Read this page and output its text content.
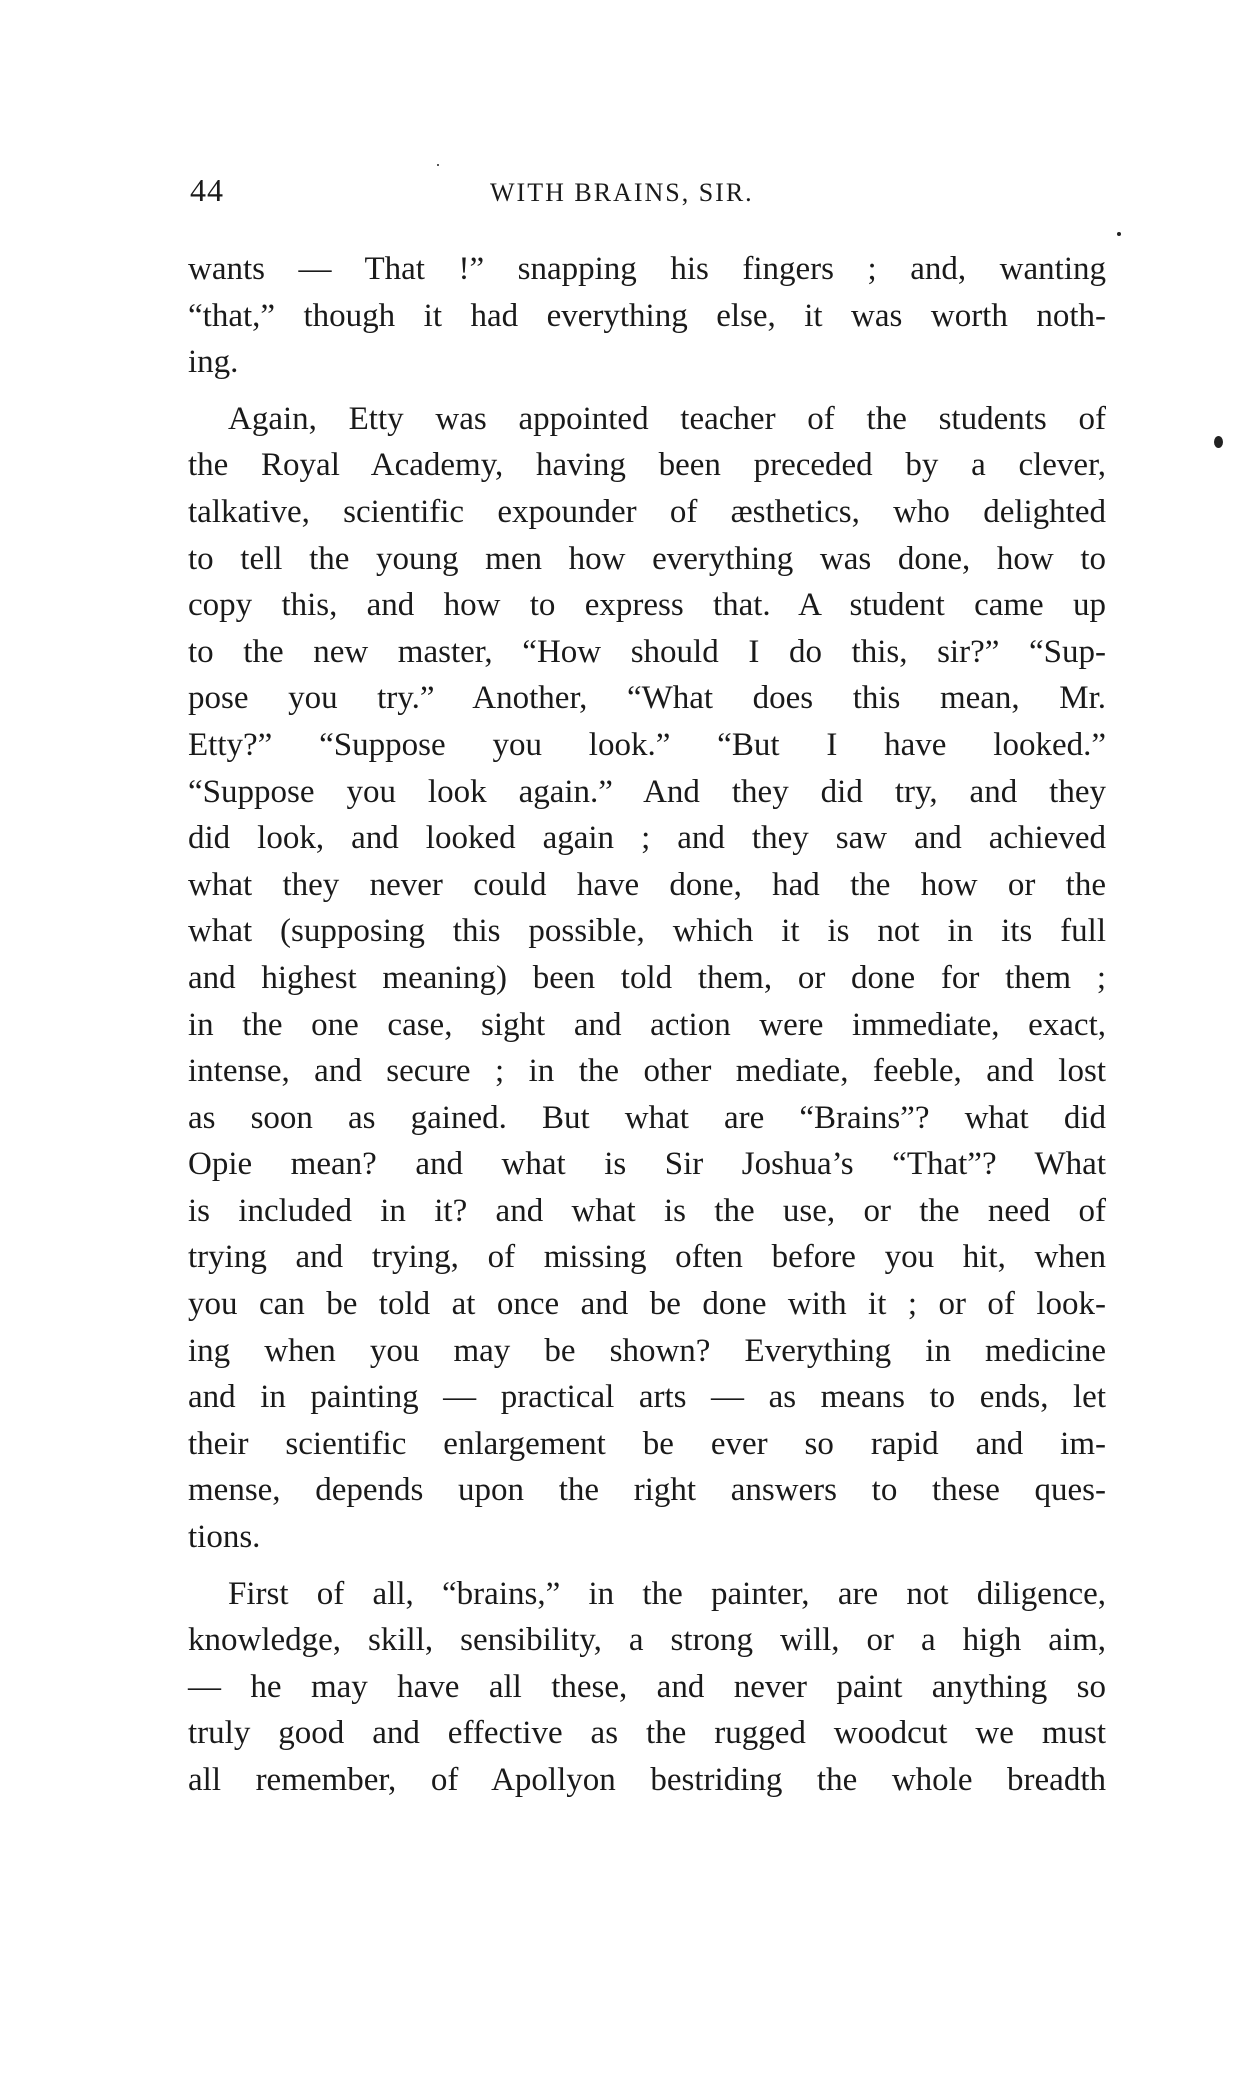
44	WITH BRAINS, SIR.
wants — That !” snapping his fingers ; and, wanting
“that,” though it had everything else, it was worth noth-
ing.
Again, Etty was appointed teacher of the students of
the Royal Academy, having been preceded by a clever,
talkative, scientific expounder of æsthetics, who delighted
to tell the young men how everything was done, how to
copy this, and how to express that. A student came up
to the new master, “How should I do this, sir?” “Sup-
pose you try.” Another, “What does this mean, Mr.
Etty?” “Suppose you look.” “But I have looked.”
“Suppose you look again.” And they did try, and they
did look, and looked again ; and they saw and achieved
what they never could have done, had the how or the
what (supposing this possible, which it is not in its full
and highest meaning) been told them, or done for them ;
in the one case, sight and action were immediate, exact,
intense, and secure ; in the other mediate, feeble, and lost
as soon as gained. But what are “Brains”? what did
Opie mean? and what is Sir Joshua’s “That”? What
is included in it? and what is the use, or the need of
trying and trying, of missing often before you hit, when
you can be told at once and be done with it ; or of look-
ing when you may be shown? Everything in medicine
and in painting — practical arts — as means to ends, let
their scientific enlargement be ever so rapid and im-
mense, depends upon the right answers to these ques-
tions.
First of all, “brains,” in the painter, are not diligence,
knowledge, skill, sensibility, a strong will, or a high aim,
— he may have all these, and never paint anything so
truly good and effective as the rugged woodcut we must
all remember, of Apollyon bestriding the whole breadth
